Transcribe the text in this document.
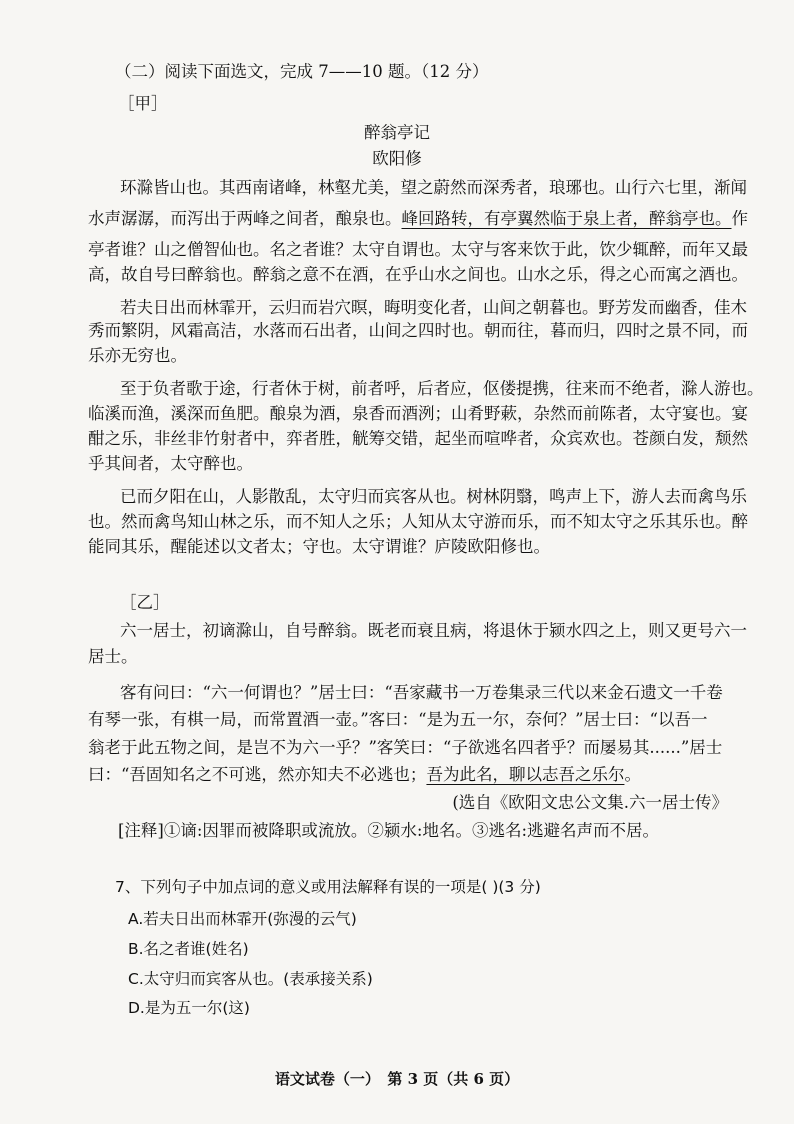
（二）阅读下面选文，完成 7——10 题。（12 分）
［甲］
醉翁亭记
欧阳修
环滁皆山也。其西南诸峰，林壑尤美，望之蔚然而深秀者，琅琊也。山行六七里，渐闻
水声潺潺，而泻出于两峰之间者，酿泉也。峰回路转，有亭翼然临于泉上者，醉翁亭也。作
亭者谁？山之僧智仙也。名之者谁？太守自谓也。太守与客来饮于此，饮少辄醉，而年又最
高，故自号曰醉翁也。醉翁之意不在酒，在乎山水之间也。山水之乐，得之心而寓之酒也。
若夫日出而林霏开，云归而岩穴暝，晦明变化者，山间之朝暮也。野芳发而幽香，佳木
秀而繁阴，风霜高洁，水落而石出者，山间之四时也。朝而往，暮而归，四时之景不同，而
乐亦无穷也。
至于负者歌于途，行者休于树，前者呼，后者应，伛偻提携，往来而不绝者，滁人游也。
临溪而渔，溪深而鱼肥。酿泉为酒，泉香而酒洌；山肴野蔌，杂然而前陈者，太守宴也。宴
酣之乐，非丝非竹射者中，弈者胜，觥筹交错，起坐而喧哗者，众宾欢也。苍颜白发，颓然
乎其间者，太守醉也。
已而夕阳在山，人影散乱，太守归而宾客从也。树林阴翳，鸣声上下，游人去而禽鸟乐
也。然而禽鸟知山林之乐，而不知人之乐；人知从太守游而乐，而不知太守之乐其乐也。醉
能同其乐，醒能述以文者太；守也。太守谓谁？庐陵欧阳修也。
［乙］
六一居士，初谪滁山，自号醉翁。既老而衰且病，将退休于颍水四之上，则又更号六一
居士。
客有问曰：“六一何谓也？”居士曰：“吾家藏书一万卷集录三代以来金石遗文一千卷
有琴一张，有棋一局，而常置酒一壶。”客曰：“是为五一尔，奈何？”居士曰：“以吾一
翁老于此五物之间，是岂不为六一乎？”客笑曰：“子欲逃名四者乎？而屡易其......”居士
曰：“吾固知名之不可逃，然亦知夫不必逃也；吾为此名，聊以志吾之乐尔。
(选自《欧阳文忠公文集.六一居士传》
[注释]①谪:因罪而被降职或流放。②颍水:地名。③逃名:逃避名声而不居。
7、下列句子中加点词的意义或用法解释有误的一项是( )(3 分)
A.若夫日出而林霏开(弥漫的云气)
B.名之者谁(姓名)
C.太守归而宾客从也。(表承接关系)
D.是为五一尔(这)
语文试卷（一）　第 3 页（共 6 页）
